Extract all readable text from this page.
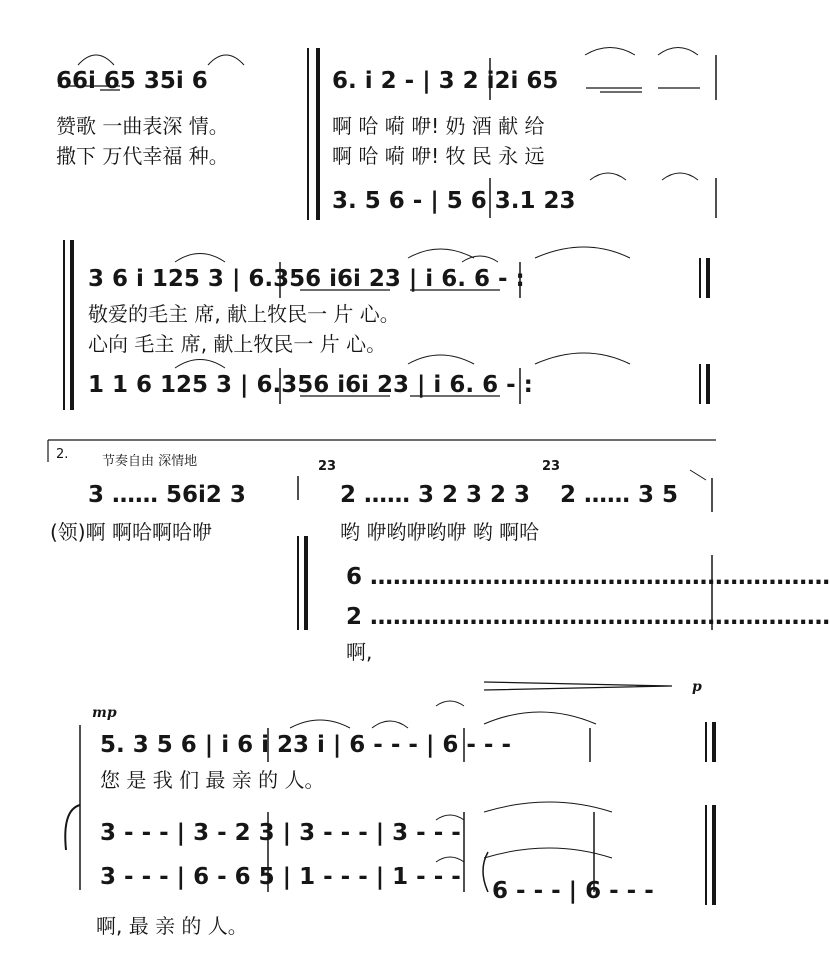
66i 65 35i 6
赞歌 一曲表深 情。
撒下 万代幸福 种。
6. i 2 - | 3 2 i2i 65
啊 哈 嗬 咿! 奶 酒 献 给
啊 哈 嗬 咿! 牧 民 永 远
3. 5 6 - | 5 6 3.1 23
3 6 i 125 3 | 6.356 i6i 23 | i 6. 6 - :
敬爱的毛主 席, 献上牧民一 片 心。
心向 毛主 席, 献上牧民一 片 心。
1 1 6 125 3 | 6.356 i6i 23 | i 6. 6 - :
2.	节奏自由 深情地
3 …… 56i2 3
(领)啊 啊哈啊哈咿
23
2 …… 3 2 3 2 3
23
2 …… 3 5
哟 咿哟咿哟咿 哟 啊哈
6 ……………………………………………………
2 ……………………………………………………
啊,
mp
p
5. 3 5 6 | i 6 i 23 i | 6 - - - | 6 - - -
您 是 我 们 最 亲 的 人。
3 - - - | 3 - 2 3 | 3 - - - | 3 - - -
3 - - - | 6 - 6 5 | 1 - - - | 1 - - -
6 - - - | 6 - - -
啊, 最 亲 的 人。
